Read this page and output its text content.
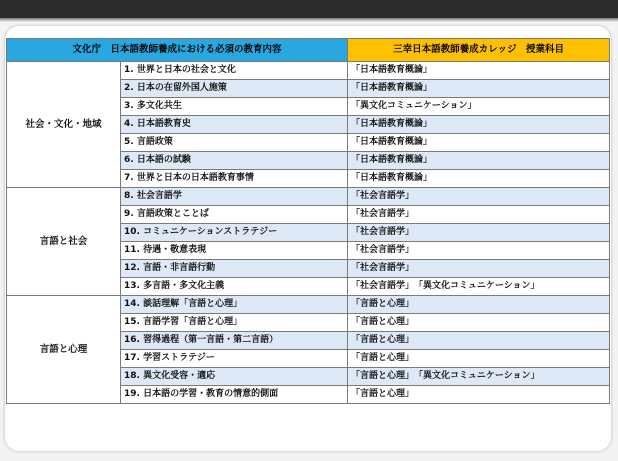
文化庁　日本語教師養成における必須の教育内容		三幸日本語教師養成カレッジ　授業科目
社会・文化・地域	1. 世界と日本の社会と文化	「日本語教育概論」
	2. 日本の在留外国人施策	「日本語教育概論」
	3. 多文化共生	「異文化コミュニケーション」
	4. 日本語教育史	「日本語教育概論」
	5. 言語政策	「日本語教育概論」
	6. 日本語の試験	「日本語教育概論」
	7. 世界と日本の日本語教育事情	「日本語教育概論」
言語と社会	8. 社会言語学	「社会言語学」
	9. 言語政策とことば	「社会言語学」
	10. コミュニケーションストラテジー	「社会言語学」
	11. 待遇・敬意表現	「社会言語学」
	12. 言語・非言語行動	「社会言語学」
	13. 多言語・多文化主義	「社会言語学」　「異文化コミュニケーション」
言語と心理	14. 談話理解「言語と心理」	「言語と心理」
	15. 言語学習「言語と心理」	「言語と心理」
	16. 習得過程（第一言語・第二言語）	「言語と心理」
	17. 学習ストラテジー	「言語と心理」
	18. 異文化受容・適応	「言語と心理」　「異文化コミュニケーション」
	19. 日本語の学習・教育の情意的側面	「言語と心理」
